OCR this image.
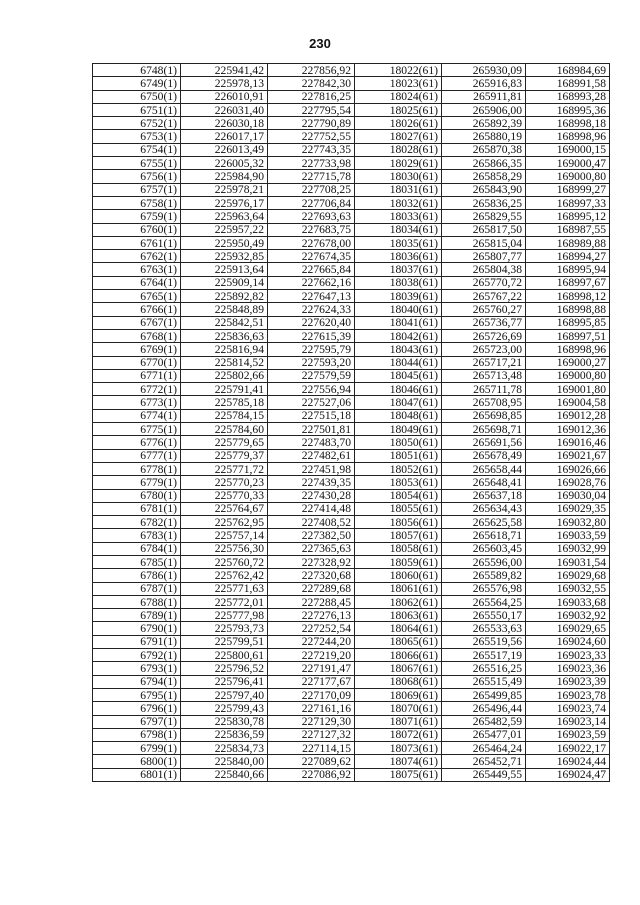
230
6748(1)	225941,42	227856,92	18022(61)	265930,09	168984,69
6749(1)	225978,13	227842,30	18023(61)	265916,83	168991,58
6750(1)	226010,91	227816,25	18024(61)	265911,81	168993,28
6751(1)	226031,40	227795,54	18025(61)	265906,00	168995,36
6752(1)	226030,18	227790,89	18026(61)	265892,39	168998,18
6753(1)	226017,17	227752,55	18027(61)	265880,19	168998,96
6754(1)	226013,49	227743,35	18028(61)	265870,38	169000,15
6755(1)	226005,32	227733,98	18029(61)	265866,35	169000,47
6756(1)	225984,90	227715,78	18030(61)	265858,29	169000,80
6757(1)	225978,21	227708,25	18031(61)	265843,90	168999,27
6758(1)	225976,17	227706,84	18032(61)	265836,25	168997,33
6759(1)	225963,64	227693,63	18033(61)	265829,55	168995,12
6760(1)	225957,22	227683,75	18034(61)	265817,50	168987,55
6761(1)	225950,49	227678,00	18035(61)	265815,04	168989,88
6762(1)	225932,85	227674,35	18036(61)	265807,77	168994,27
6763(1)	225913,64	227665,84	18037(61)	265804,38	168995,94
6764(1)	225909,14	227662,16	18038(61)	265770,72	168997,67
6765(1)	225892,82	227647,13	18039(61)	265767,22	168998,12
6766(1)	225848,89	227624,33	18040(61)	265760,27	168998,88
6767(1)	225842,51	227620,40	18041(61)	265736,77	168995,85
6768(1)	225836,63	227615,39	18042(61)	265726,69	168997,51
6769(1)	225816,94	227595,79	18043(61)	265723,00	168998,96
6770(1)	225814,52	227593,20	18044(61)	265717,21	169000,27
6771(1)	225802,66	227579,59	18045(61)	265713,48	169000,80
6772(1)	225791,41	227556,94	18046(61)	265711,78	169001,80
6773(1)	225785,18	227527,06	18047(61)	265708,95	169004,58
6774(1)	225784,15	227515,18	18048(61)	265698,85	169012,28
6775(1)	225784,60	227501,81	18049(61)	265698,71	169012,36
6776(1)	225779,65	227483,70	18050(61)	265691,56	169016,46
6777(1)	225779,37	227482,61	18051(61)	265678,49	169021,67
6778(1)	225771,72	227451,98	18052(61)	265658,44	169026,66
6779(1)	225770,23	227439,35	18053(61)	265648,41	169028,76
6780(1)	225770,33	227430,28	18054(61)	265637,18	169030,04
6781(1)	225764,67	227414,48	18055(61)	265634,43	169029,35
6782(1)	225762,95	227408,52	18056(61)	265625,58	169032,80
6783(1)	225757,14	227382,50	18057(61)	265618,71	169033,59
6784(1)	225756,30	227365,63	18058(61)	265603,45	169032,99
6785(1)	225760,72	227328,92	18059(61)	265596,00	169031,54
6786(1)	225762,42	227320,68	18060(61)	265589,82	169029,68
6787(1)	225771,63	227289,68	18061(61)	265576,98	169032,55
6788(1)	225772,01	227288,45	18062(61)	265564,25	169033,68
6789(1)	225777,98	227276,13	18063(61)	265550,17	169032,92
6790(1)	225793,73	227252,54	18064(61)	265533,63	169029,65
6791(1)	225799,51	227244,20	18065(61)	265519,56	169024,60
6792(1)	225800,61	227219,20	18066(61)	265517,19	169023,33
6793(1)	225796,52	227191,47	18067(61)	265516,25	169023,36
6794(1)	225796,41	227177,67	18068(61)	265515,49	169023,39
6795(1)	225797,40	227170,09	18069(61)	265499,85	169023,78
6796(1)	225799,43	227161,16	18070(61)	265496,44	169023,74
6797(1)	225830,78	227129,30	18071(61)	265482,59	169023,14
6798(1)	225836,59	227127,32	18072(61)	265477,01	169023,59
6799(1)	225834,73	227114,15	18073(61)	265464,24	169022,17
6800(1)	225840,00	227089,62	18074(61)	265452,71	169024,44
6801(1)	225840,66	227086,92	18075(61)	265449,55	169024,47
